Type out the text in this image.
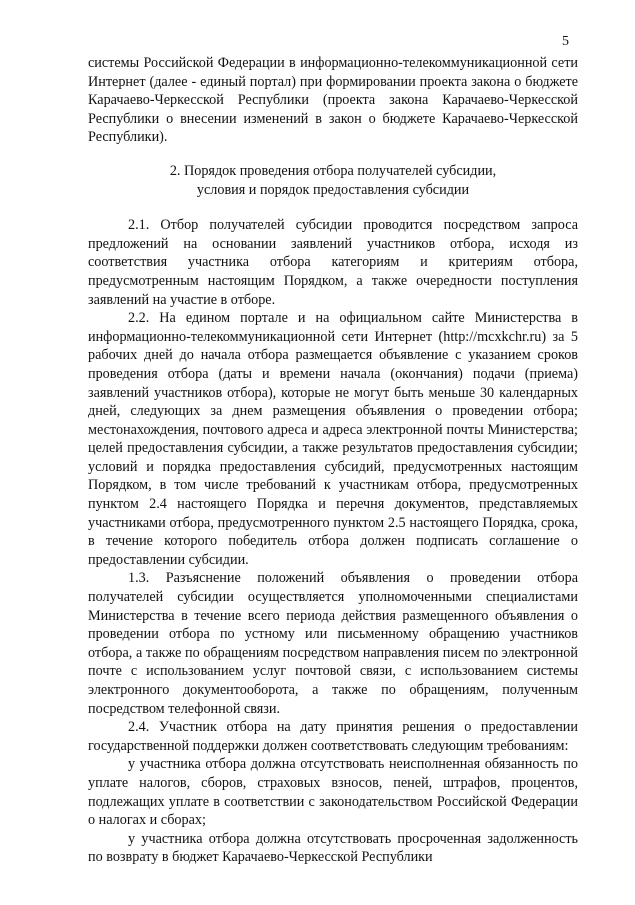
5

системы Российской Федерации в информационно-телекоммуникационной сети Интернет (далее - единый портал) при формировании проекта закона о бюджете Карачаево-Черкесской Республики (проекта закона Карачаево-Черкесской Республики о внесении изменений в закон о бюджете Карачаево-Черкесской Республики).

2. Порядок проведения отбора получателей субсидии,
условия и порядок предоставления субсидии

2.1. Отбор получателей субсидии проводится посредством запроса предложений на основании заявлений участников отбора, исходя из соответствия участника отбора категориям и критериям отбора, предусмотренным настоящим Порядком, а также очередности поступления заявлений на участие в отборе.

2.2. На едином портале и на официальном сайте Министерства в информационно-телекоммуникационной сети Интернет (http://mcxkchr.ru) за 5 рабочих дней до начала отбора размещается объявление с указанием сроков проведения отбора (даты и времени начала (окончания) подачи (приема) заявлений участников отбора), которые не могут быть меньше 30 календарных дней, следующих за днем размещения объявления о проведении отбора; местонахождения, почтового адреса и адреса электронной почты Министерства; целей предоставления субсидии, а также результатов предоставления субсидии; условий и порядка предоставления субсидий, предусмотренных настоящим Порядком, в том числе требований к участникам отбора, предусмотренных пунктом 2.4 настоящего Порядка и перечня документов, представляемых участниками отбора, предусмотренного пунктом 2.5 настоящего Порядка, срока, в течение которого победитель отбора должен подписать соглашение о предоставлении субсидии.

1.3. Разъяснение положений объявления о проведении отбора получателей субсидии осуществляется уполномоченными специалистами Министерства в течение всего периода действия размещенного объявления о проведении отбора по устному или письменному обращению участников отбора, а также по обращениям посредством направления писем по электронной почте с использованием услуг почтовой связи, с использованием системы электронного документооборота, а также по обращениям, полученным посредством телефонной связи.

2.4. Участник отбора на дату принятия решения о предоставлении государственной поддержки должен соответствовать следующим требованиям:

у участника отбора должна отсутствовать неисполненная обязанность по уплате налогов, сборов, страховых взносов, пеней, штрафов, процентов, подлежащих уплате в соответствии с законодательством Российской Федерации о налогах и сборах;

у участника отбора должна отсутствовать просроченная задолженность по возврату в бюджет Карачаево-Черкесской Республики
